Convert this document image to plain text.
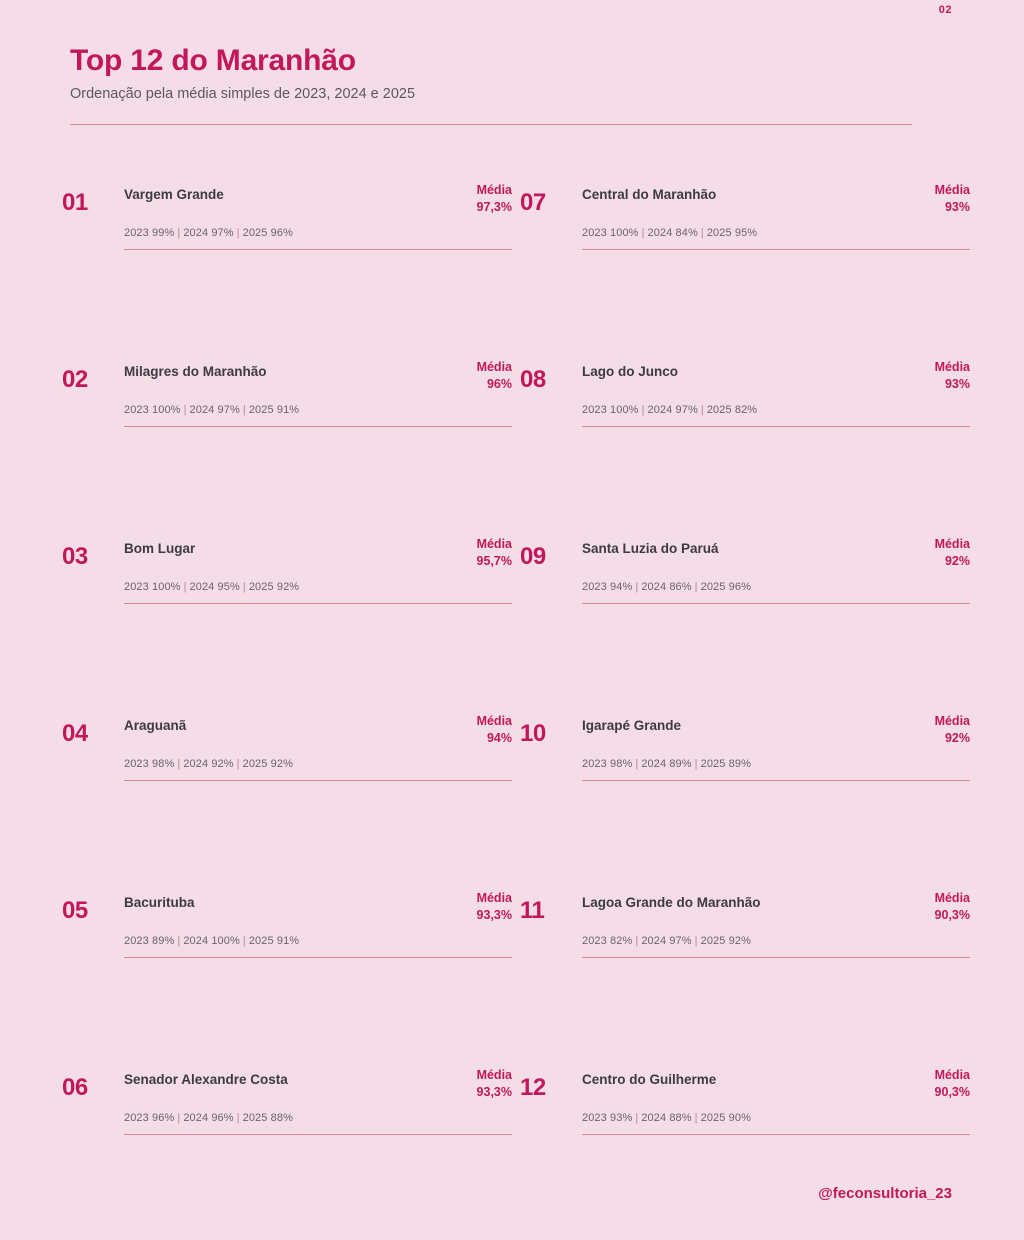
02
Top 12 do Maranhão

Ordenação pela média simples de 2023, 2024 e 2025

01	Vargem Grande	Média
97,3%
2023 99% | 2024 97% | 2025 96%
07	Central do Maranhão	Média
93%
2023 100% | 2024 84% | 2025 95%
02	Milagres do Maranhão	Média
96%
2023 100% | 2024 97% | 2025 91%
08	Lago do Junco	Média
93%
2023 100% | 2024 97% | 2025 82%
03	Bom Lugar	Média
95,7%
2023 100% | 2024 95% | 2025 92%
09	Santa Luzia do Paruá	Média
92%
2023 94% | 2024 86% | 2025 96%
04	Araguanã	Média
94%
2023 98% | 2024 92% | 2025 92%
10	Igarapé Grande	Média
92%
2023 98% | 2024 89% | 2025 89%
05	Bacurituba	Média
93,3%
2023 89% | 2024 100% | 2025 91%
11	Lagoa Grande do Maranhão	Média
90,3%
2023 82% | 2024 97% | 2025 92%
06	Senador Alexandre Costa	Média
93,3%
2023 96% | 2024 96% | 2025 88%
12	Centro do Guilherme	Média
90,3%
2023 93% | 2024 88% | 2025 90%
@feconsultoria_23
